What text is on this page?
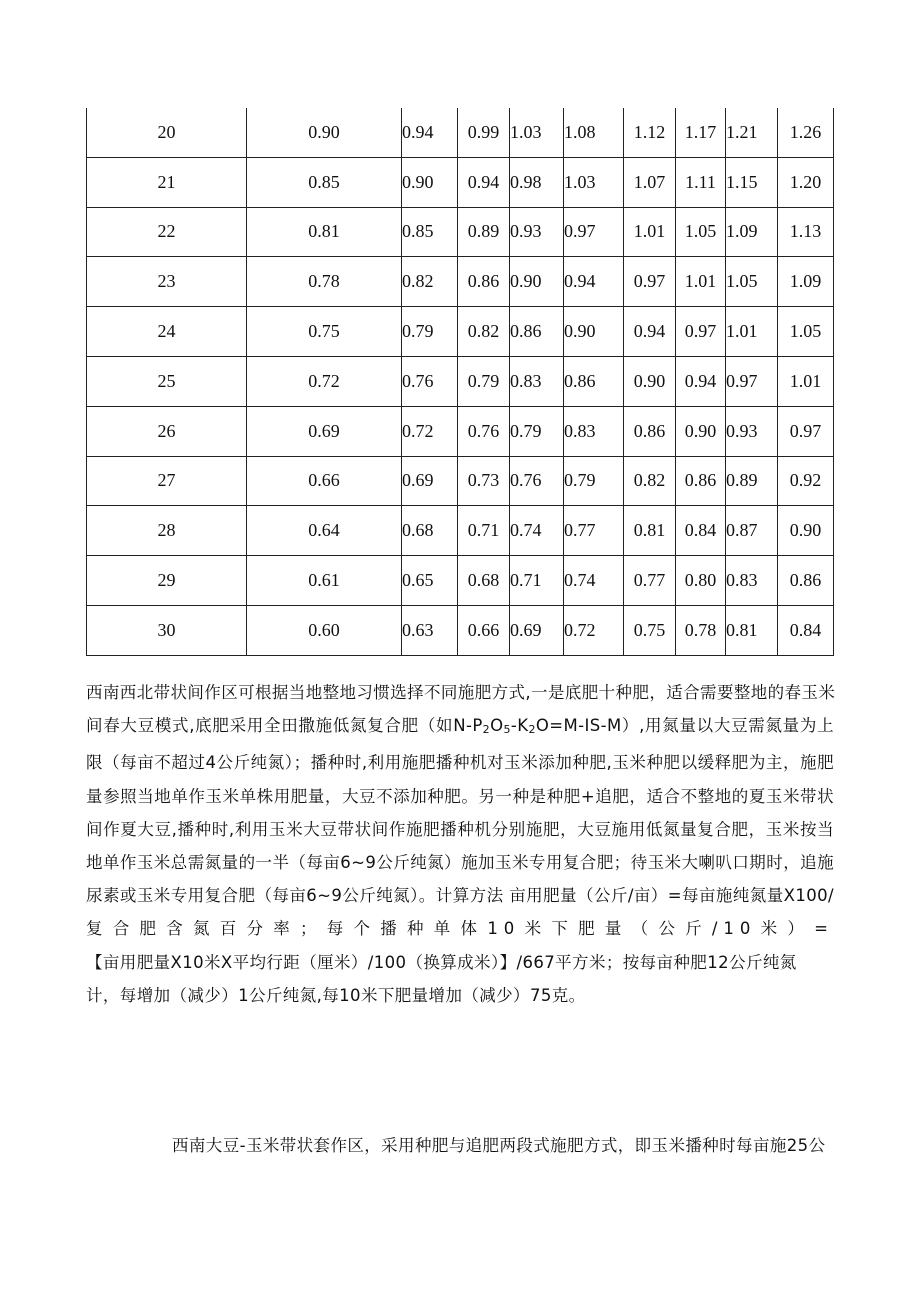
20	0.90	0.94	0.99	1.03	1.08	1.12	1.17	1.21	1.26
21	0.85	0.90	0.94	0.98	1.03	1.07	1.11	1.15	1.20
22	0.81	0.85	0.89	0.93	0.97	1.01	1.05	1.09	1.13
23	0.78	0.82	0.86	0.90	0.94	0.97	1.01	1.05	1.09
24	0.75	0.79	0.82	0.86	0.90	0.94	0.97	1.01	1.05
25	0.72	0.76	0.79	0.83	0.86	0.90	0.94	0.97	1.01
26	0.69	0.72	0.76	0.79	0.83	0.86	0.90	0.93	0.97
27	0.66	0.69	0.73	0.76	0.79	0.82	0.86	0.89	0.92
28	0.64	0.68	0.71	0.74	0.77	0.81	0.84	0.87	0.90
29	0.61	0.65	0.68	0.71	0.74	0.77	0.80	0.83	0.86
30	0.60	0.63	0.66	0.69	0.72	0.75	0.78	0.81	0.84
西南西北带状间作区可根据当地整地习惯选择不同施肥方式,一是底肥十种肥，适合需要整地的春玉米
间春大豆模式,底肥采用全田撒施低氮复合肥（如$N-P_2O_5-K_2O=M-IS-M$）,用氮量以大豆需氮量为上
限（每亩不超过4公斤纯氮）；播种时,利用施肥播种机对玉米添加种肥,玉米种肥以缓释肥为主，施肥
量参照当地单作玉米单株用肥量，大豆不添加种肥。另一种是种肥+追肥，适合不整地的夏玉米带状
间作夏大豆,播种时,利用玉米大豆带状间作施肥播种机分别施肥，大豆施用低氮量复合肥，玉米按当
地单作玉米总需氮量的一半（每亩6~9公斤纯氮）施加玉米专用复合肥；待玉米大喇叭口期时，追施
尿素或玉米专用复合肥（每亩6~9公斤纯氮）。计算方法 亩用肥量（公斤/亩）=每亩施纯氮量X100/
复合肥含氮百分率；每个播种单体10米下肥量（公斤/10米）=
【亩用肥量X10米X平均行距（厘米）/100（换算成米）】/667平方米；按每亩种肥12公斤纯氮
计，每增加（减少）1公斤纯氮,每10米下肥量增加（减少）75克。
西南大豆-玉米带状套作区，采用种肥与追肥两段式施肥方式，即玉米播种时每亩施25公
